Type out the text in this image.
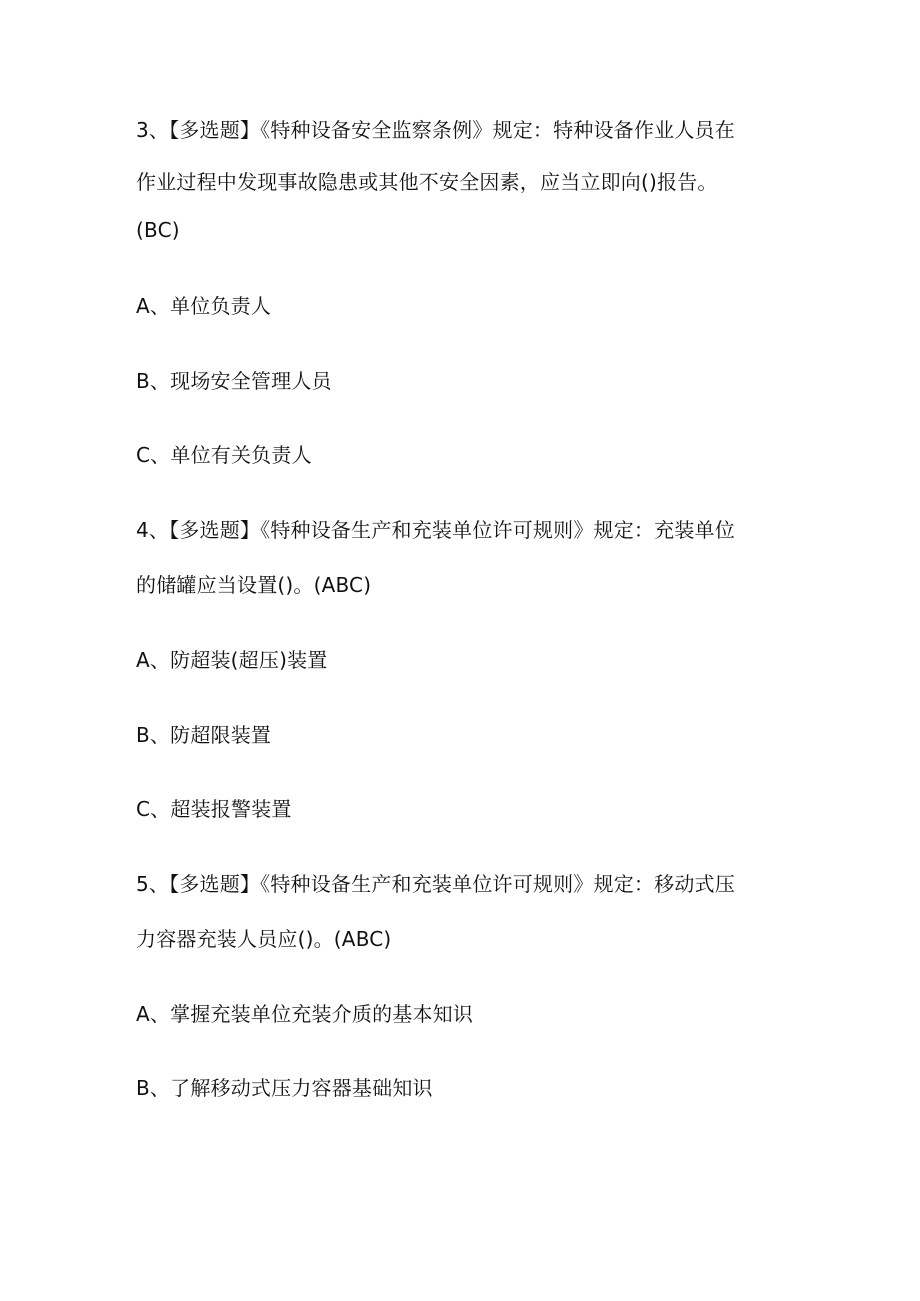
3、【多选题】《特种设备安全监察条例》规定：特种设备作业人员在
作业过程中发现事故隐患或其他不安全因素，应当立即向()报告。
(BC)
A、单位负责人
B、现场安全管理人员
C、单位有关负责人
4、【多选题】《特种设备生产和充装单位许可规则》规定：充装单位
的储罐应当设置()。(ABC)
A、防超装(超压)装置
B、防超限装置
C、超装报警装置
5、【多选题】《特种设备生产和充装单位许可规则》规定：移动式压
力容器充装人员应()。(ABC)
A、掌握充装单位充装介质的基本知识
B、了解移动式压力容器基础知识
